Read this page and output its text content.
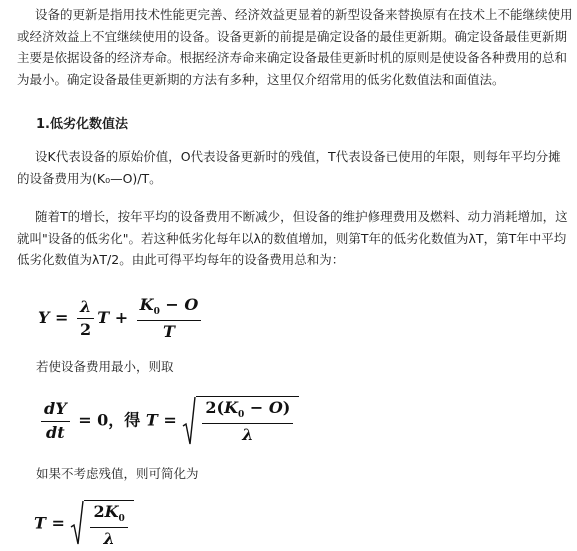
设备的更新是指用技术性能更完善、经济效益更显着的新型设备来替换原有在技术上不能继续使用或经济效益上不宜继续使用的设备。设备更新的前提是确定设备的最佳更新期。确定设备最佳更新期主要是依据设备的经济寿命。根据经济寿命来确定设备最佳更新时机的原则是使设备各种费用的总和为最小。确定设备最佳更新期的方法有多种，这里仅介绍常用的低劣化数值法和面值法。

1.低劣化数值法

设K代表设备的原始价值，O代表设备更新时的残值，T代表设备已使用的年限，则每年平均分摊的设备费用为(K₀—O)/T。

随着T的增长，按年平均的设备费用不断减少，但设备的维护修理费用及燃料、动力消耗增加，这就叫"设备的低劣化"。若这种低劣化每年以λ的数值增加，则第T年的低劣化数值为λT，第T年中平均低劣化数值为λT/2。由此可得平均每年的设备费用总和为：

$Y = \frac{\lambda}{2}$ $T + \frac{K_0 - O}{T}$

若使设备费用最小，则取

$\frac{dY}{dt} = 0$，得 $T = \frac{2(K_0 - O)}{\lambda}$

如果不考虑残值，则可简化为

$T = \frac{2K_0}{\lambda}$
